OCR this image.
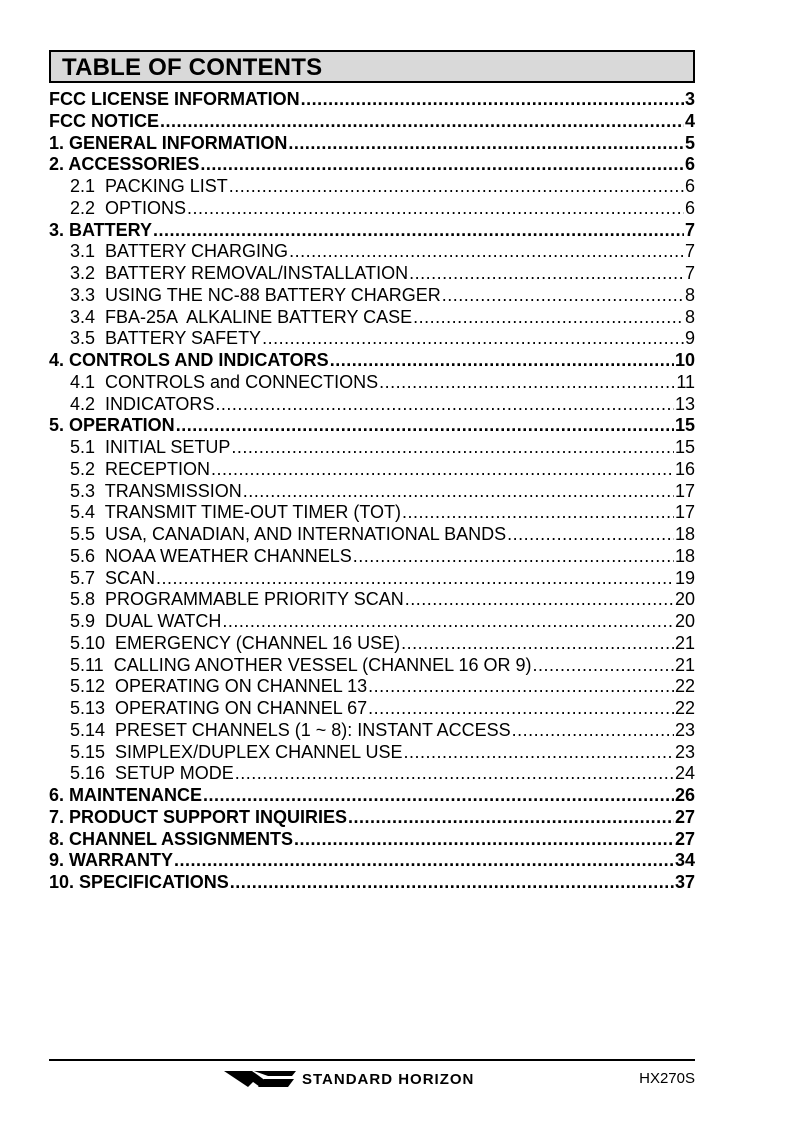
TABLE OF CONTENTS
FCC LICENSE INFORMATION .....	3
FCC NOTICE .....	4
1. GENERAL INFORMATION .....	5
2. ACCESSORIES .....	6
2.1  PACKING LIST .....	6
2.2  OPTIONS .....	6
3. BATTERY .....	7
3.1  BATTERY CHARGING .....	7
3.2  BATTERY REMOVAL/INSTALLATION .....	7
3.3  USING THE NC-88 BATTERY CHARGER .....	8
3.4  FBA-25A  ALKALINE BATTERY CASE .....	8
3.5  BATTERY SAFETY .....	9
4. CONTROLS AND INDICATORS .....	10
4.1  CONTROLS and CONNECTIONS .....	11
4.2  INDICATORS .....	13
5. OPERATION .....	15
5.1  INITIAL SETUP .....	15
5.2  RECEPTION .....	16
5.3  TRANSMISSION .....	17
5.4  TRANSMIT TIME-OUT TIMER (TOT) .....	17
5.5  USA, CANADIAN, AND INTERNATIONAL BANDS .....	18
5.6  NOAA WEATHER CHANNELS .....	18
5.7  SCAN .....	19
5.8  PROGRAMMABLE PRIORITY SCAN .....	20
5.9  DUAL WATCH .....	20
5.10  EMERGENCY (CHANNEL 16 USE) .....	21
5.11  CALLING ANOTHER VESSEL (CHANNEL 16 OR 9) .....	21
5.12  OPERATING ON CHANNEL 13 .....	22
5.13  OPERATING ON CHANNEL 67 .....	22
5.14  PRESET CHANNELS (1 ~ 8): INSTANT ACCESS .....	23
5.15  SIMPLEX/DUPLEX CHANNEL USE .....	23
5.16  SETUP MODE .....	24
6. MAINTENANCE .....	26
7. PRODUCT SUPPORT INQUIRIES .....	27
8. CHANNEL ASSIGNMENTS .....	27
9. WARRANTY .....	34
10. SPECIFICATIONS .....	37
STANDARD HORIZON	HX270S
